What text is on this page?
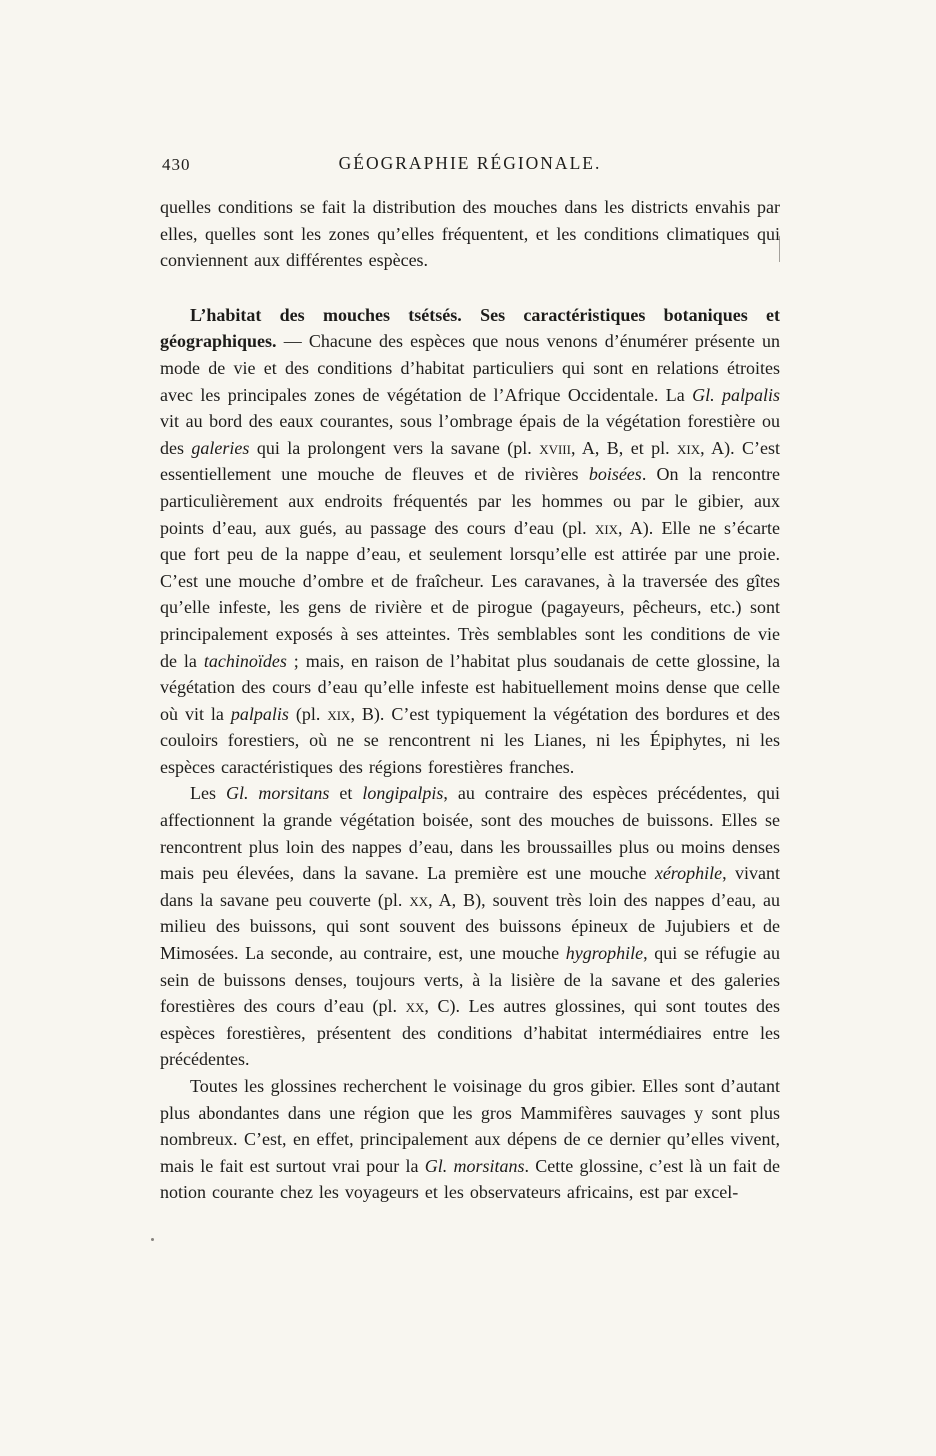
430	GÉOGRAPHIE RÉGIONALE.

quelles conditions se fait la distribution des mouches dans les districts envahis par elles, quelles sont les zones qu’elles fréquentent, et les conditions climatiques qui conviennent aux différentes espèces.

L’habitat des mouches tsétsés. Ses caractéristiques botaniques et géographiques. — Chacune des espèces que nous venons d’énumérer présente un mode de vie et des conditions d’habitat particuliers qui sont en relations étroites avec les principales zones de végétation de l’Afrique Occidentale. La Gl. palpalis vit au bord des eaux courantes, sous l’ombrage épais de la végétation forestière ou des galeries qui la prolongent vers la savane (pl. xviii, A, B, et pl. xix, A). C’est essentiellement une mouche de fleuves et de rivières boisées. On la rencontre particulièrement aux endroits fréquentés par les hommes ou par le gibier, aux points d’eau, aux gués, au passage des cours d’eau (pl. xix, A). Elle ne s’écarte que fort peu de la nappe d’eau, et seulement lorsqu’elle est attirée par une proie. C’est une mouche d’ombre et de fraîcheur. Les caravanes, à la traversée des gîtes qu’elle infeste, les gens de rivière et de pirogue (pagayeurs, pêcheurs, etc.) sont principalement exposés à ses atteintes. Très semblables sont les conditions de vie de la tachinoïdes ; mais, en raison de l’habitat plus soudanais de cette glossine, la végétation des cours d’eau qu’elle infeste est habituellement moins dense que celle où vit la palpalis (pl. xix, B). C’est typiquement la végétation des bordures et des couloirs forestiers, où ne se rencontrent ni les Lianes, ni les Épiphytes, ni les espèces caractéristiques des régions forestières franches.

Les Gl. morsitans et longipalpis, au contraire des espèces précédentes, qui affectionnent la grande végétation boisée, sont des mouches de buissons. Elles se rencontrent plus loin des nappes d’eau, dans les broussailles plus ou moins denses mais peu élevées, dans la savane. La première est une mouche xérophile, vivant dans la savane peu couverte (pl. xx, A, B), souvent très loin des nappes d’eau, au milieu des buissons, qui sont souvent des buissons épineux de Jujubiers et de Mimosées. La seconde, au contraire, est, une mouche hygrophile, qui se réfugie au sein de buissons denses, toujours verts, à la lisière de la savane et des galeries forestières des cours d’eau (pl. xx, C). Les autres glossines, qui sont toutes des espèces forestières, présentent des conditions d’habitat intermédiaires entre les précédentes.

Toutes les glossines recherchent le voisinage du gros gibier. Elles sont d’autant plus abondantes dans une région que les gros Mammifères sauvages y sont plus nombreux. C’est, en effet, principalement aux dépens de ce dernier qu’elles vivent, mais le fait est surtout vrai pour la Gl. morsitans. Cette glossine, c’est là un fait de notion courante chez les voyageurs et les observateurs africains, est par excel-
